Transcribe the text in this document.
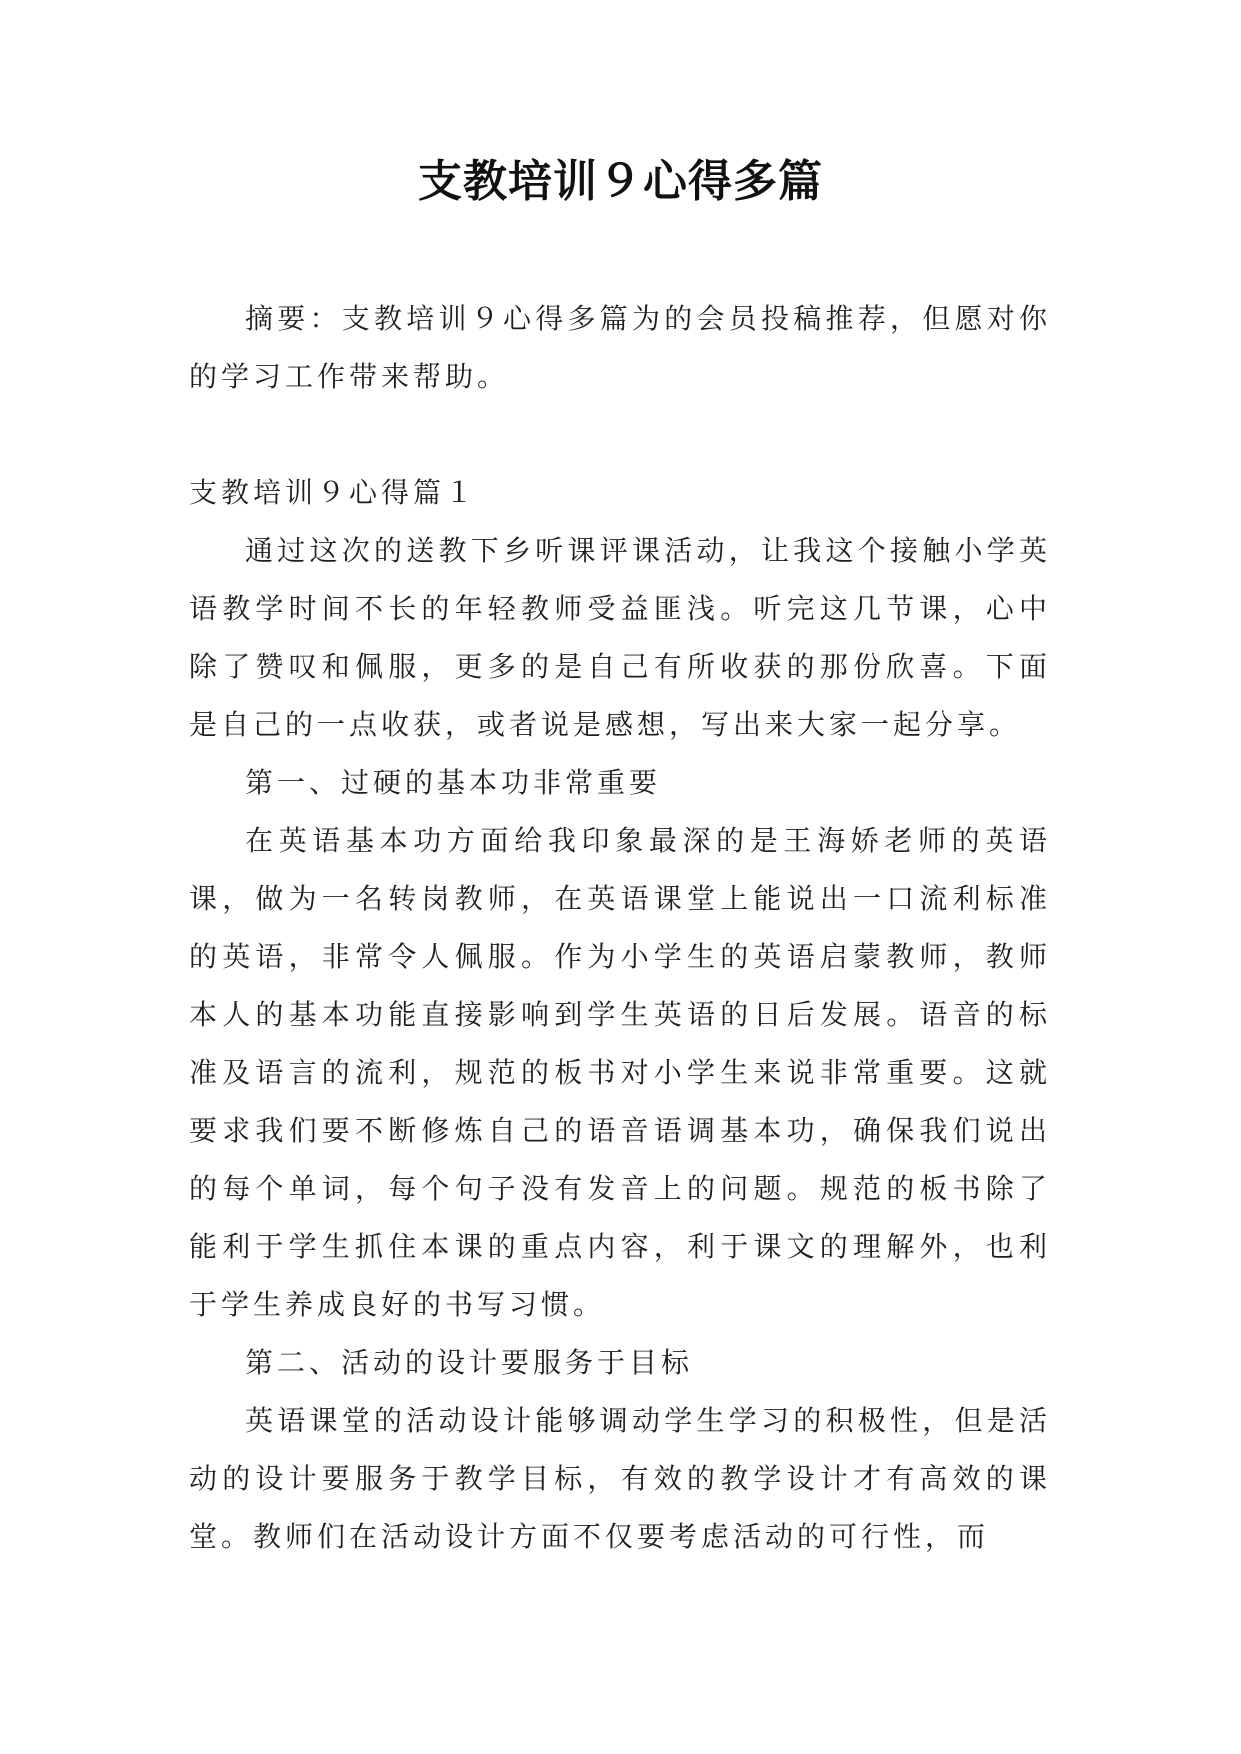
支教培训９心得多篇

摘要：支教培训９心得多篇为的会员投稿推荐，但愿对你的学习工作带来帮助。

支教培训９心得篇１

通过这次的送教下乡听课评课活动，让我这个接触小学英语教学时间不长的年轻教师受益匪浅。听完这几节课，心中除了赞叹和佩服，更多的是自己有所收获的那份欣喜。下面是自己的一点收获，或者说是感想，写出来大家一起分享。

第一、过硬的基本功非常重要

在英语基本功方面给我印象最深的是王海娇老师的英语课，做为一名转岗教师，在英语课堂上能说出一口流利标准的英语，非常令人佩服。作为小学生的英语启蒙教师，教师本人的基本功能直接影响到学生英语的日后发展。语音的标准及语言的流利，规范的板书对小学生来说非常重要。这就要求我们要不断修炼自己的语音语调基本功，确保我们说出的每个单词，每个句子没有发音上的问题。规范的板书除了能利于学生抓住本课的重点内容，利于课文的理解外，也利于学生养成良好的书写习惯。

第二、活动的设计要服务于目标

英语课堂的活动设计能够调动学生学习的积极性，但是活动的设计要服务于教学目标，有效的教学设计才有高效的课堂。教师们在活动设计方面不仅要考虑活动的可行性，而
